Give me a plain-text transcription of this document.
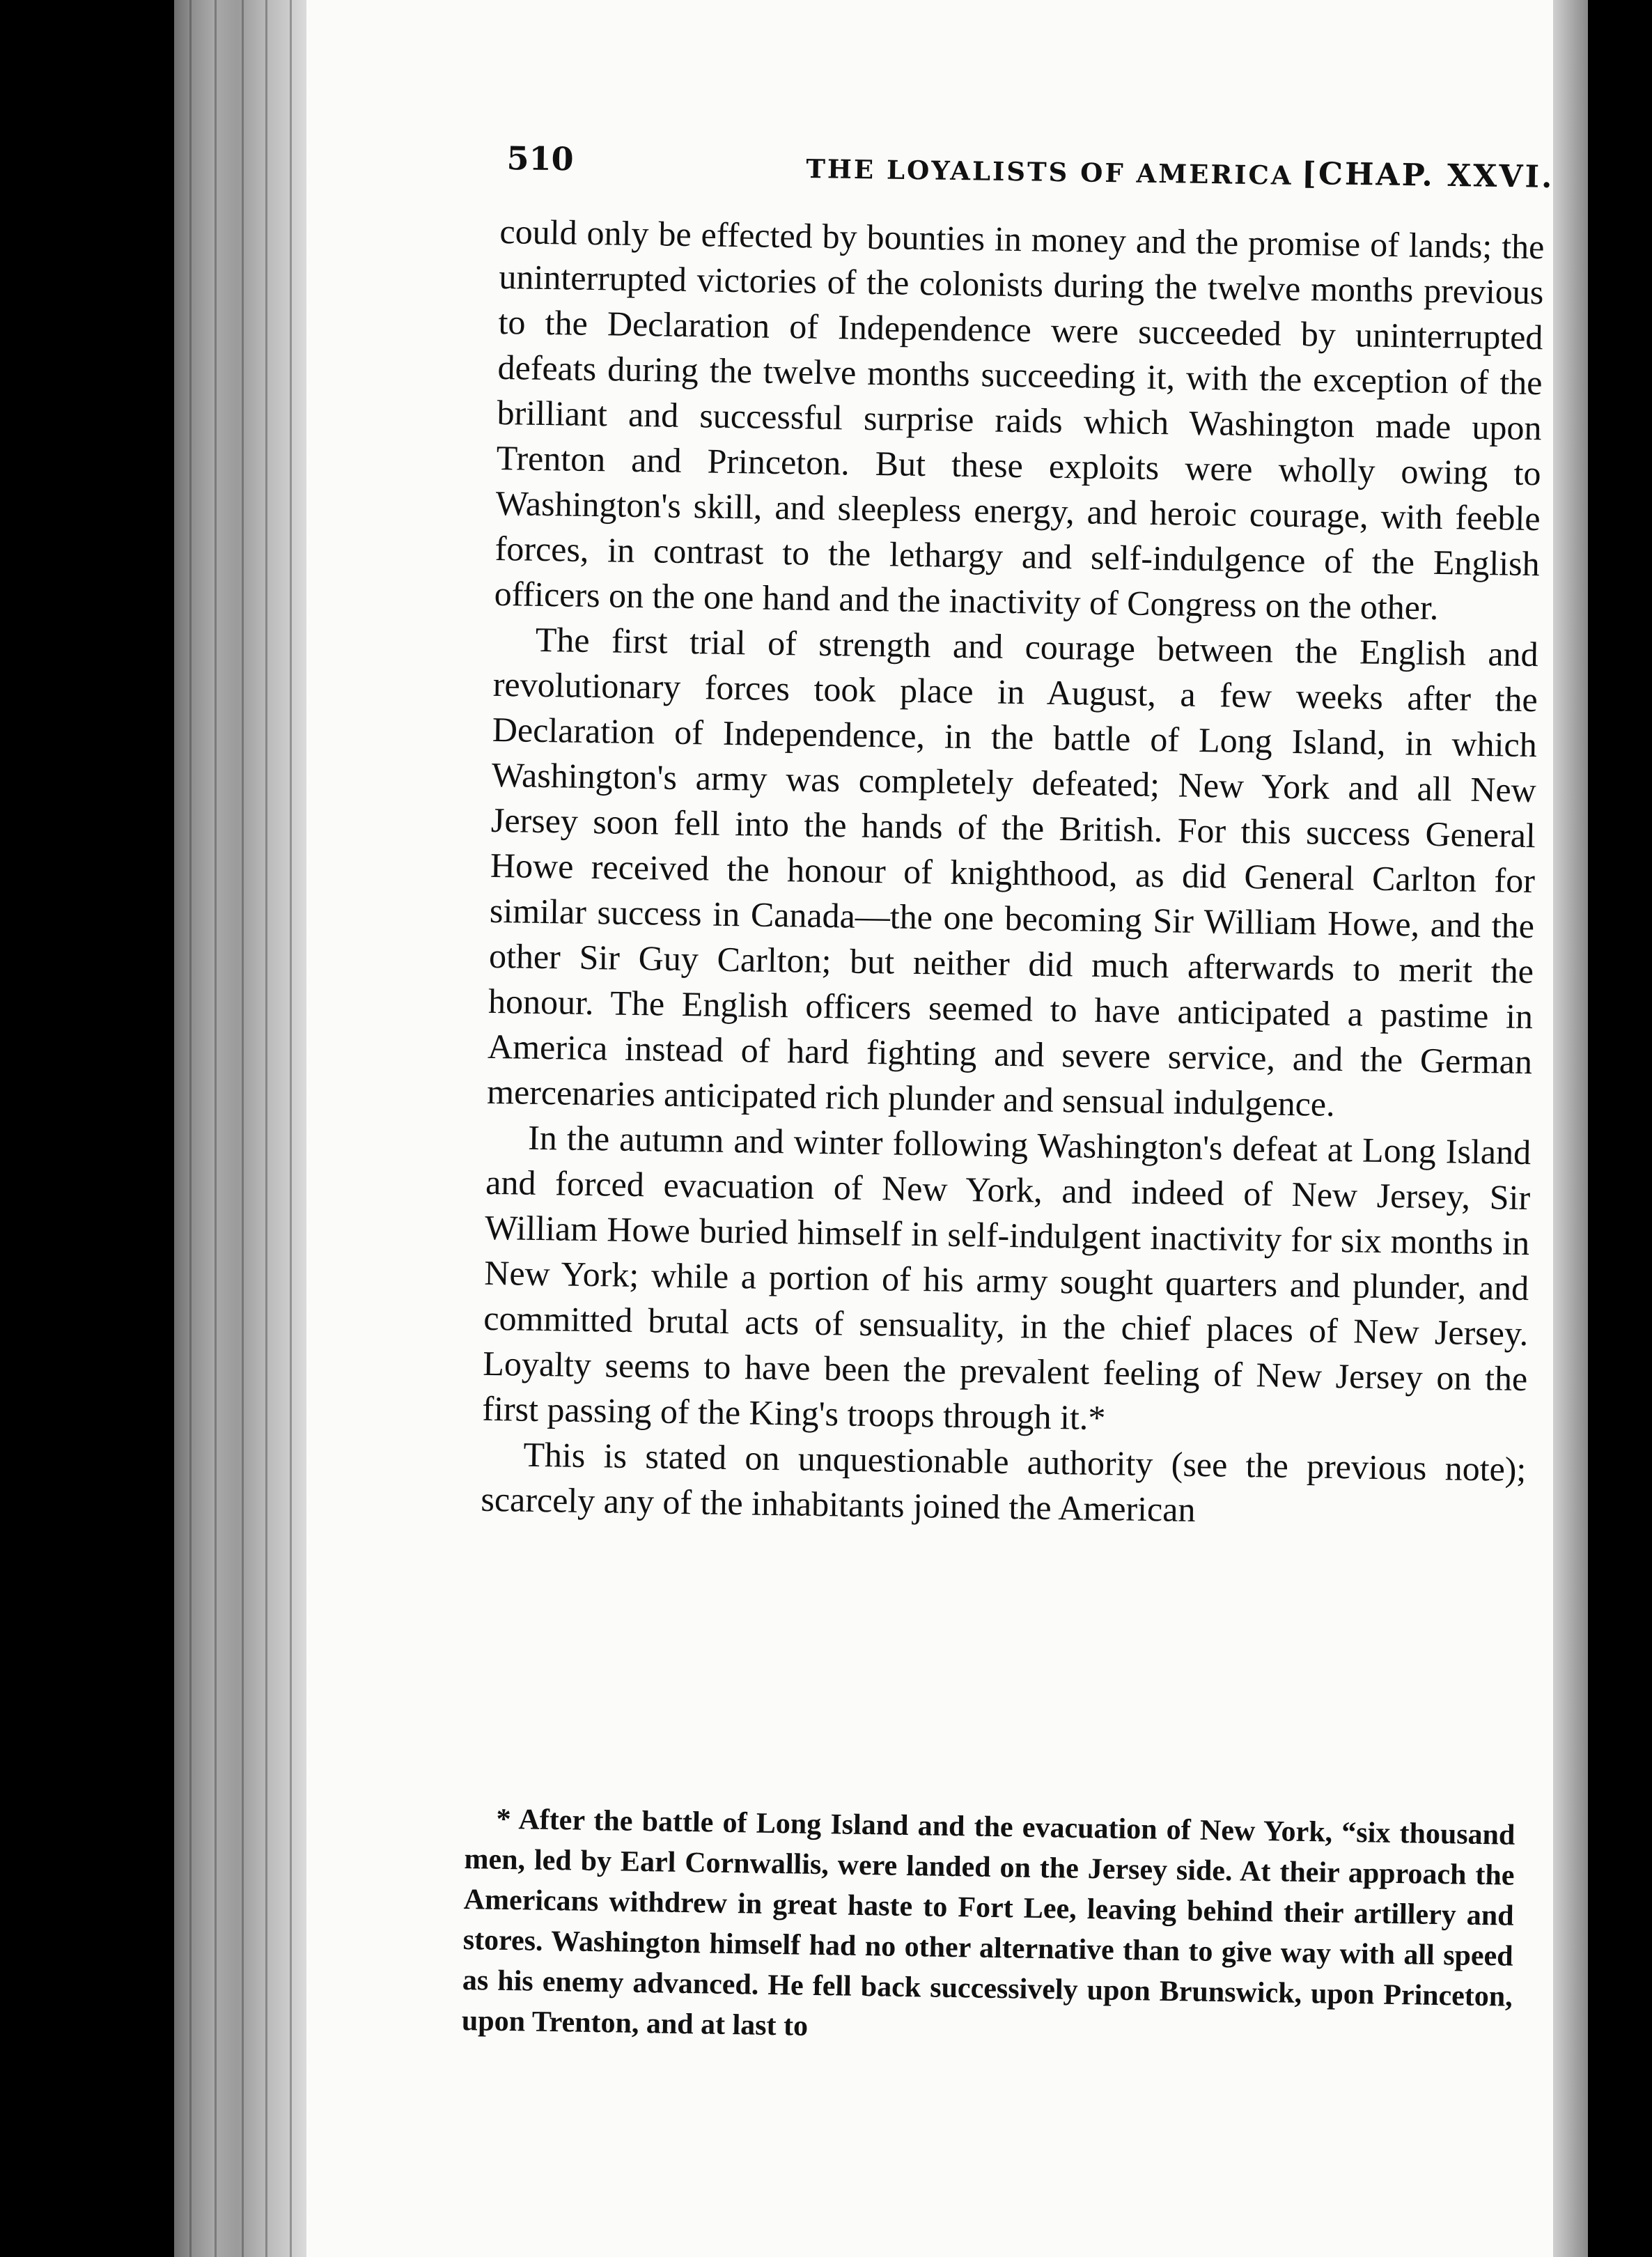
510	THE LOYALISTS OF AMERICA [CHAP. XXVI.

could only be effected by bounties in money and the promise of lands; the uninterrupted victories of the colonists during the twelve months previous to the Declaration of Independence were succeeded by uninterrupted defeats during the twelve months succeeding it, with the exception of the brilliant and successful surprise raids which Washington made upon Trenton and Princeton. But these exploits were wholly owing to Washington's skill, and sleepless energy, and heroic courage, with feeble forces, in contrast to the lethargy and self-indulgence of the English officers on the one hand and the inactivity of Congress on the other.

The first trial of strength and courage between the English and revolutionary forces took place in August, a few weeks after the Declaration of Independence, in the battle of Long Island, in which Washington's army was completely defeated; New York and all New Jersey soon fell into the hands of the British. For this success General Howe received the honour of knighthood, as did General Carlton for similar success in Canada—the one becoming Sir William Howe, and the other Sir Guy Carlton; but neither did much afterwards to merit the honour. The English officers seemed to have anticipated a pastime in America instead of hard fighting and severe service, and the German mercenaries anticipated rich plunder and sensual indulgence.

In the autumn and winter following Washington's defeat at Long Island and forced evacuation of New York, and indeed of New Jersey, Sir William Howe buried himself in self-indulgent inactivity for six months in New York; while a portion of his army sought quarters and plunder, and committed brutal acts of sensuality, in the chief places of New Jersey. Loyalty seems to have been the prevalent feeling of New Jersey on the first passing of the King's troops through it.*

This is stated on unquestionable authority (see the previous note); scarcely any of the inhabitants joined the American

* After the battle of Long Island and the evacuation of New York, “six thousand men, led by Earl Cornwallis, were landed on the Jersey side. At their approach the Americans withdrew in great haste to Fort Lee, leaving behind their artillery and stores. Washington himself had no other alternative than to give way with all speed as his enemy advanced. He fell back successively upon Brunswick, upon Princeton, upon Trenton, and at last to
